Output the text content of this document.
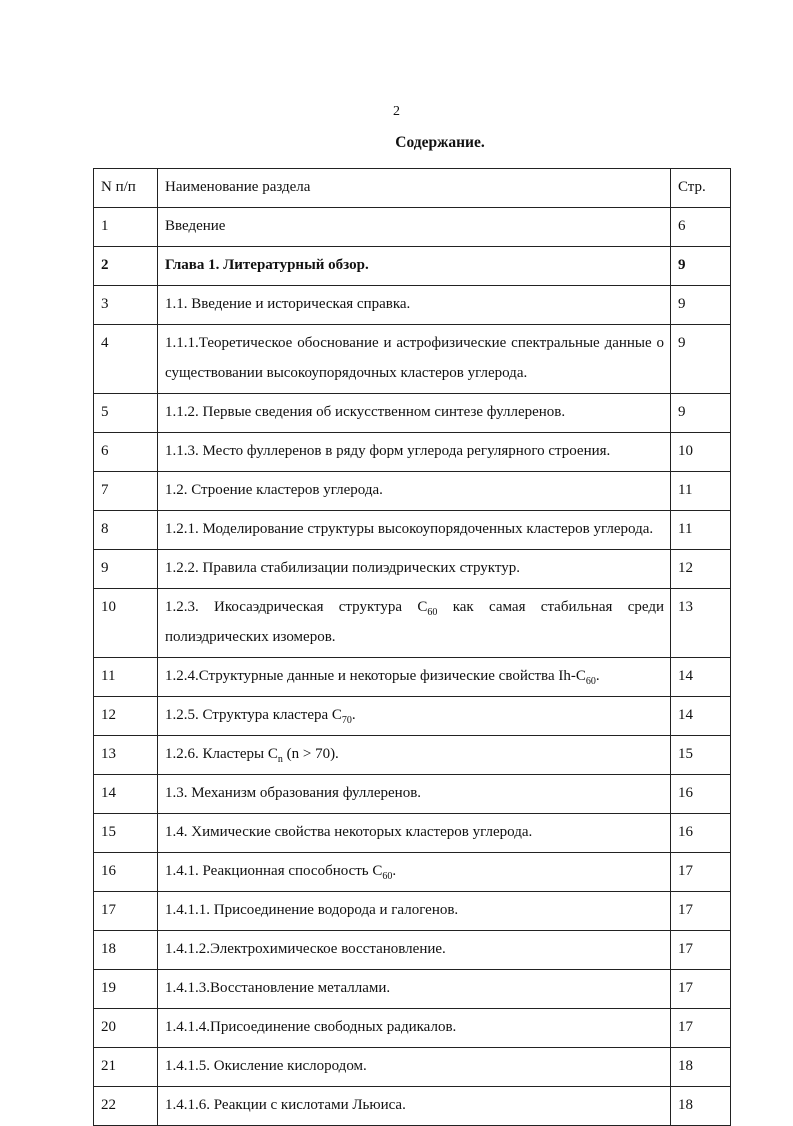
2
Содержание.
N п/п	Наименование раздела	Стр.
1	Введение	6
2	Глава 1. Литературный обзор.	9
3	1.1. Введение и историческая справка.	9
4	1.1.1.Теоретическое обоснование и астрофизические спектральные данные о существовании высокоупорядочных кластеров углерода.	9
5	1.1.2. Первые сведения об искусственном синтезе фуллеренов.	9
6	1.1.3. Место фуллеренов в ряду форм углерода регулярного строения.	10
7	1.2. Строение кластеров углерода.	11
8	1.2.1. Моделирование структуры высокоупорядоченных кластеров углерода.	11
9	1.2.2. Правила стабилизации полиэдрических структур.	12
10	1.2.3. Икосаэдрическая структура $C_{60}$ как самая стабильная среди полиэдрических изомеров.	13
11	1.2.4.Структурные данные и некоторые физические свойства $Ih-C_{60}$.	14
12	1.2.5. Структура кластера $C_{70}$.	14
13	1.2.6. Кластеры $C_n$ (n > 70).	15
14	1.3. Механизм образования фуллеренов.	16
15	1.4. Химические свойства некоторых кластеров углерода.	16
16	1.4.1. Реакционная способность $C_{60}$.	17
17	1.4.1.1. Присоединение водорода и галогенов.	17
18	1.4.1.2.Электрохимическое восстановление.	17
19	1.4.1.3.Восстановление металлами.	17
20	1.4.1.4.Присоединение свободных радикалов.	17
21	1.4.1.5. Окисление кислородом.	18
22	1.4.1.6. Реакции с кислотами Льюиса.	18
